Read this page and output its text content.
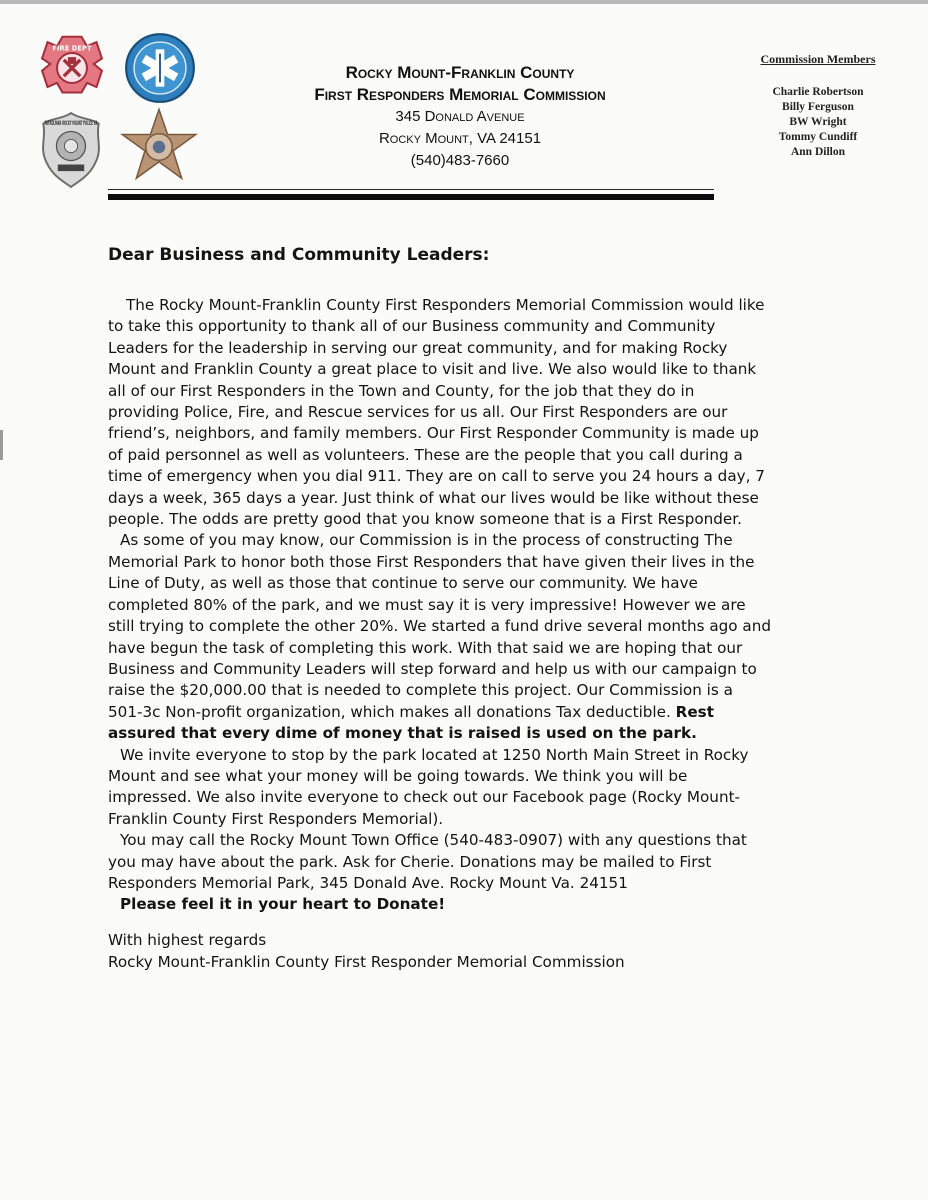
FIRE DEPT
PATROLMAN ROCKY MOUNT POLICE VA
Rocky Mount-Franklin County
First Responders Memorial Commission
345 Donald Avenue
Rocky Mount, VA 24151
(540)483-7660
Commission Members
Charlie Robertson
Billy Ferguson
BW Wright
Tommy Cundiff
Ann Dillon
Dear Business and Community Leaders:

The Rocky Mount-Franklin County First Responders Memorial Commission would like

to take this opportunity to thank all of our Business community and Community

Leaders for the leadership in serving our great community, and for making Rocky

Mount and Franklin County a great place to visit and live. We also would like to thank

all of our First Responders in the Town and County, for the job that they do in

providing Police, Fire, and Rescue services for us all. Our First Responders are our

friend’s, neighbors, and family members. Our First Responder Community is made up

of paid personnel as well as volunteers. These are the people that you call during a

time of emergency when you dial 911. They are on call to serve you 24 hours a day, 7

days a week, 365 days a year. Just think of what our lives would be like without these

people. The odds are pretty good that you know someone that is a First Responder.

As some of you may know, our Commission is in the process of constructing The

Memorial Park to honor both those First Responders that have given their lives in the

Line of Duty, as well as those that continue to serve our community. We have

completed 80% of the park, and we must say it is very impressive! However we are

still trying to complete the other 20%. We started a fund drive several months ago and

have begun the task of completing this work. With that said we are hoping that our

Business and Community Leaders will step forward and help us with our campaign to

raise the $20,000.00 that is needed to complete this project. Our Commission is a

501-3c Non-profit organization, which makes all donations Tax deductible. Rest

assured that every dime of money that is raised is used on the park.

We invite everyone to stop by the park located at 1250 North Main Street in Rocky

Mount and see what your money will be going towards. We think you will be

impressed. We also invite everyone to check out our Facebook page (Rocky Mount-

Franklin County First Responders Memorial).

You may call the Rocky Mount Town Office (540-483-0907) with any questions that

you may have about the park. Ask for Cherie. Donations may be mailed to First

Responders Memorial Park, 345 Donald Ave. Rocky Mount Va. 24151

Please feel it in your heart to Donate!

With highest regards

Rocky Mount-Franklin County First Responder Memorial Commission
